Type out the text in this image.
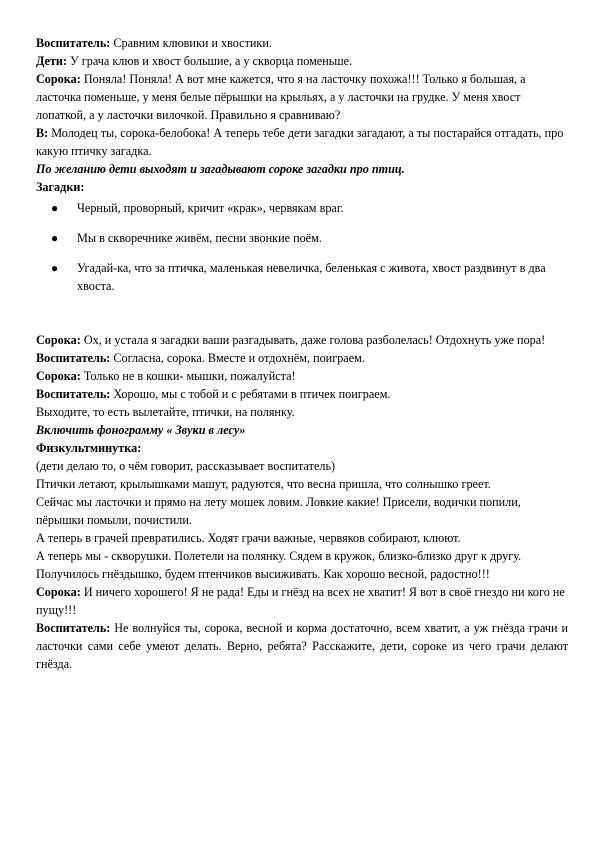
Воспитатель: Сравним клювики и хвостики.

Дети: У грача клюв и хвост большие, а у скворца поменьше.

Сорока: Поняла! Поняла! А вот мне кажется, что я на ласточку похожа!!! Только я большая, а ласточка поменьше, у меня белые пёрышки на крыльях, а у ласточки на грудке. У меня хвост лопаткой, а у ласточки вилочкой. Правильно я сравниваю?

В: Молодец ты, сорока-белобока! А теперь тебе дети загадки загадают, а ты постарайся отгадать, про какую птичку загадка.

По желанию дети выходят и загадывают сороке загадки про птиц.

Загадки:

● Черный, проворный, кричит «крак», червякам враг.
● Мы в скворечнике живём, песни звонкие поём.
● Угадай-ка, что за птичка, маленькая невеличка, беленькая с живота, хвост раздвинут в два хвоста.

Сорока: Ох, и устала я загадки ваши разгадывать, даже голова разболелась! Отдохнуть уже пора!

Воспитатель: Согласна, сорока. Вместе и отдохнём, поиграем.

Сорока: Только не в кошки- мышки, пожалуйста!

Воспитатель: Хорошо, мы с тобой и с ребятами в птичек поиграем.

Выходите, то есть вылетайте, птички, на полянку.

Включить фонограмму « Звуки в лесу»

Физкультминутка:

(дети делаю то, о чём говорит, рассказывает воспитатель)

Птички летают, крылышками машут, радуются, что весна пришла, что солнышко греет.

Сейчас мы ласточки и прямо на лету мошек ловим. Ловкие какие! Присели, водички попили, пёрышки помыли, почистили.

А теперь в грачей превратились. Ходят грачи важные, червяков собирают, клюют.

А теперь мы - скворушки. Полетели на полянку. Сядем в кружок, близко-близко друг к другу. Получилось гнёздышко, будем птенчиков высиживать. Как хорошо весной, радостно!!!

Сорока: И ничего хорошего! Я не рада! Еды и гнёзд на всех не хватит! Я вот в своё гнездо ни кого не пущу!!!

Воспитатель: Не волнуйся ты, сорока, весной и корма достаточно, всем хватит, а уж гнёзда грачи и ласточки сами себе умеют делать. Верно, ребята? Расскажите, дети, сороке из чего грачи делают гнёзда.
